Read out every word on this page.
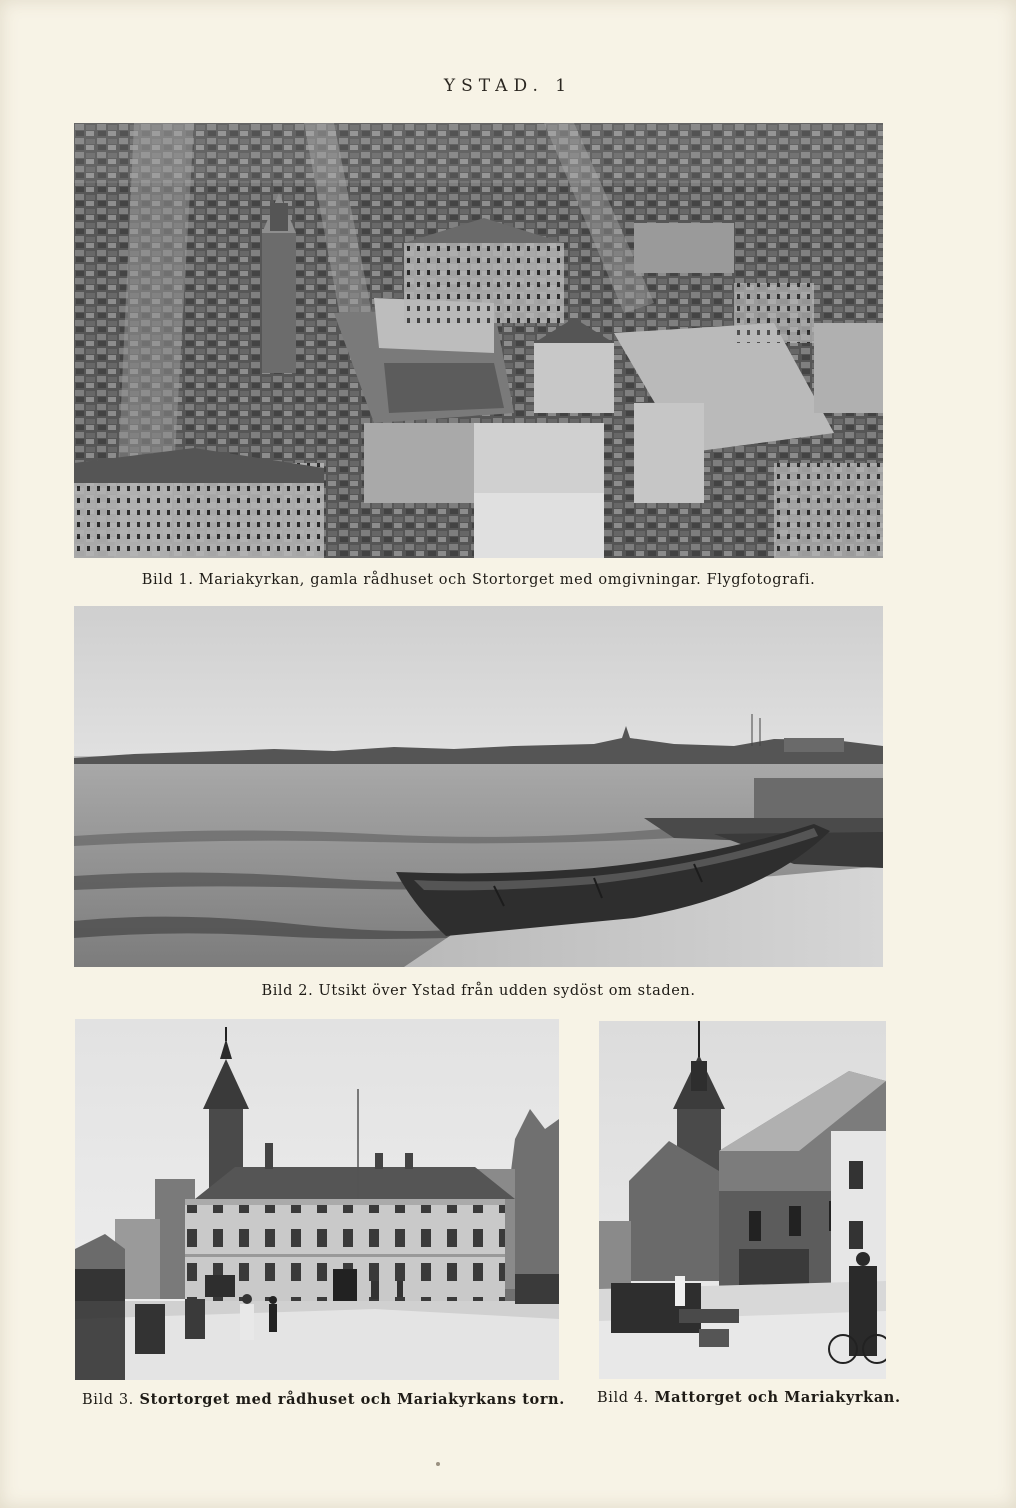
YSTAD. 1
Bild 1. Mariakyrkan, gamla rådhuset och Stortorget med omgivningar. Flygfotografi.
Bild 2. Utsikt över Ystad från udden sydöst om staden.
Bild 3. Stortorget med rådhuset och Mariakyrkans torn. Bild 4. Mattorget och Mariakyrkan.
